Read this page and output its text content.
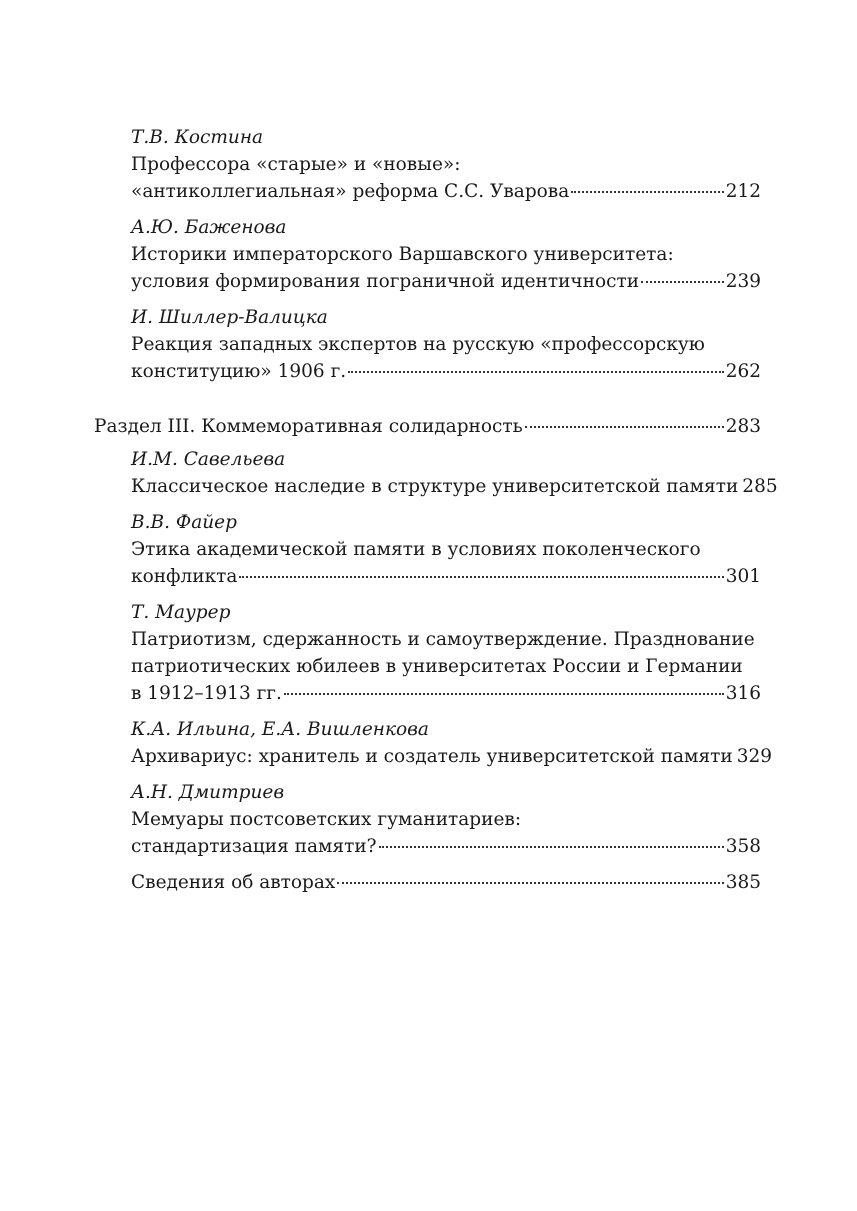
Т.В. Костина
Профессора «старые» и «новые»:
«антиколлегиальная» реформа С.С. Уварова	212
А.Ю. Баженова
Историки императорского Варшавского университета:
условия формирования пограничной идентичности	239
И. Шиллер-Валицка
Реакция западных экспертов на русскую «профессорскую
конституцию» 1906 г.	262
Раздел III. Коммеморативная солидарность	283
И.М. Савельева
Классическое наследие в структуре университетской памяти 285
В.В. Файер
Этика академической памяти в условиях поколенческого
конфликта	301
Т. Маурер
Патриотизм, сдержанность и самоутверждение. Празднование
патриотических юбилеев в университетах России и Германии
в 1912–1913 гг.	316
К.А. Ильина, Е.А. Вишленкова
Архивариус: хранитель и создатель университетской памяти 329
А.Н. Дмитриев
Мемуары постсоветских гуманитариев:
стандартизация памяти?	358
Сведения об авторах	385
